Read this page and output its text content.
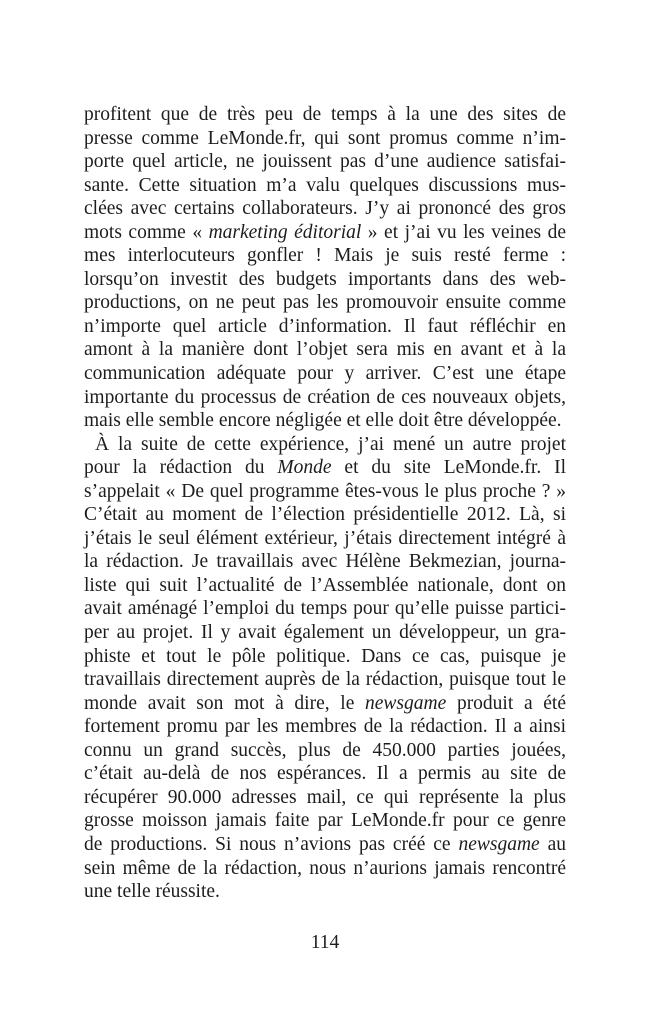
profitent que de très peu de temps à la une des sites de
presse comme LeMonde.fr, qui sont promus comme n’im-
porte quel article, ne jouissent pas d’une audience satisfai-
sante. Cette situation m’a valu quelques discussions mus-
clées avec certains collaborateurs. J’y ai prononcé des gros
mots comme « marketing éditorial » et j’ai vu les veines de
mes interlocuteurs gonfler ! Mais je suis resté ferme :
lorsqu’on investit des budgets importants dans des web-
productions, on ne peut pas les promouvoir ensuite comme
n’importe quel article d’information. Il faut réfléchir en
amont à la manière dont l’objet sera mis en avant et à la
communication adéquate pour y arriver. C’est une étape
importante du processus de création de ces nouveaux objets,
mais elle semble encore négligée et elle doit être développée.
À la suite de cette expérience, j’ai mené un autre projet
pour la rédaction du Monde et du site LeMonde.fr. Il
s’appelait « De quel programme êtes-vous le plus proche ? »
C’était au moment de l’élection présidentielle 2012. Là, si
j’étais le seul élément extérieur, j’étais directement intégré à
la rédaction. Je travaillais avec Hélène Bekmezian, journa-
liste qui suit l’actualité de l’Assemblée nationale, dont on
avait aménagé l’emploi du temps pour qu’elle puisse partici-
per au projet. Il y avait également un développeur, un gra-
phiste et tout le pôle politique. Dans ce cas, puisque je
travaillais directement auprès de la rédaction, puisque tout le
monde avait son mot à dire, le newsgame produit a été
fortement promu par les membres de la rédaction. Il a ainsi
connu un grand succès, plus de 450.000 parties jouées,
c’était au-delà de nos espérances. Il a permis au site de
récupérer 90.000 adresses mail, ce qui représente la plus
grosse moisson jamais faite par LeMonde.fr pour ce genre
de productions. Si nous n’avions pas créé ce newsgame au
sein même de la rédaction, nous n’aurions jamais rencontré
une telle réussite.
114
